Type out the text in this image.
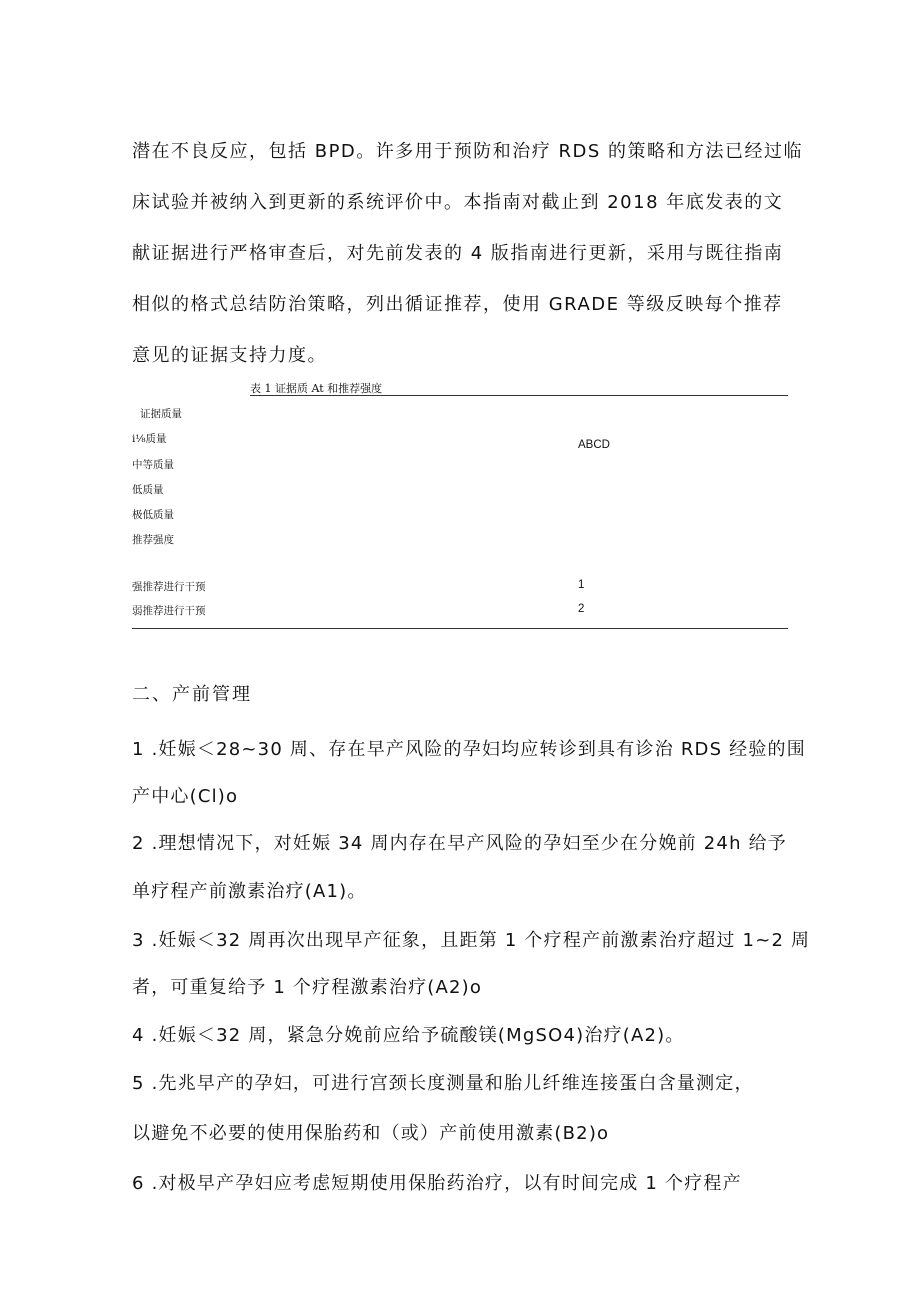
潜在不良反应，包括 BPD。许多用于预防和治疗 RDS 的策略和方法已经过临
床试验并被纳入到更新的系统评价中。本指南对截止到 2018 年底发表的文
献证据进行严格审查后，对先前发表的 4 版指南进行更新，采用与既往指南
相似的格式总结防治策略，列出循证推荐，使用 GRADE 等级反映每个推荐
意见的证据支持力度。
表 1 证据质 At 和推荐强度
证据质量
i⅛质量	ABCD
中等质量
低质量
极低质量
推荐强度
强推荐进行干预	1
弱推荐进行干预	2
二、产前管理
1 .妊娠＜28~30 周、存在早产风险的孕妇均应转诊到具有诊治 RDS 经验的围
产中心(Cl)o
2 .理想情况下，对妊娠 34 周内存在早产风险的孕妇至少在分娩前 24h 给予
单疗程产前激素治疗(A1)。
3 .妊娠＜32 周再次出现早产征象，且距第 1 个疗程产前激素治疗超过 1~2 周
者，可重复给予 1 个疗程激素治疗(A2)o
4 .妊娠＜32 周，紧急分娩前应给予硫酸镁(MgSO4)治疗(A2)。
5 .先兆早产的孕妇，可进行宫颈长度测量和胎儿纤维连接蛋白含量测定，
以避免不必要的使用保胎药和（或）产前使用激素(B2)o
6 .对极早产孕妇应考虑短期使用保胎药治疗，以有时间完成 1 个疗程产
